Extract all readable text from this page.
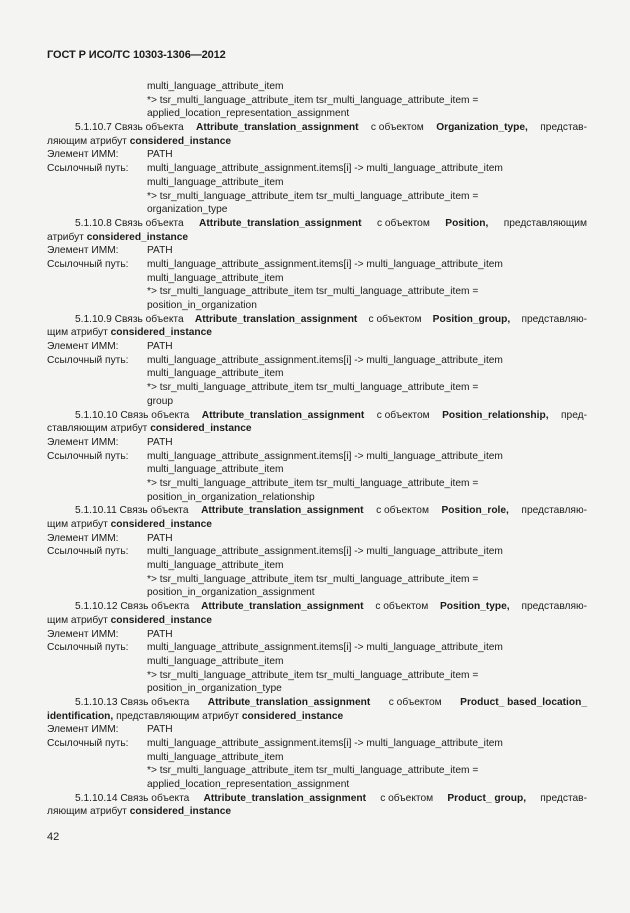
ГОСТ Р ИСО/ТС 10303-1306—2012
multi_language_attribute_item
*> tsr_multi_language_attribute_item tsr_multi_language_attribute_item =
applied_location_representation_assignment
5.1.10.7 Связь объекта Attribute_translation_assignment с объектом Organization_type, представ-
ляющим атрибут considered_instance
Элемент ИММ:	PATH
Ссылочный путь:	multi_language_attribute_assignment.items[i] -> multi_language_attribute_item
multi_language_attribute_item
*> tsr_multi_language_attribute_item tsr_multi_language_attribute_item =
organization_type
5.1.10.8 Связь объекта Attribute_translation_assignment с объектом Position, представляющим
атрибут considered_instance
Элемент ИММ:	PATH
Ссылочный путь:	multi_language_attribute_assignment.items[i] -> multi_language_attribute_item
multi_language_attribute_item
*> tsr_multi_language_attribute_item tsr_multi_language_attribute_item =
position_in_organization
5.1.10.9 Связь объекта Attribute_translation_assignment с объектом Position_group, представляю-
щим атрибут considered_instance
Элемент ИММ:	PATH
Ссылочный путь:	multi_language_attribute_assignment.items[i] -> multi_language_attribute_item
multi_language_attribute_item
*> tsr_multi_language_attribute_item tsr_multi_language_attribute_item =
group
5.1.10.10 Связь объекта Attribute_translation_assignment с объектом Position_relationship, пред-
ставляющим атрибут considered_instance
Элемент ИММ:	PATH
Ссылочный путь:	multi_language_attribute_assignment.items[i] -> multi_language_attribute_item
multi_language_attribute_item
*> tsr_multi_language_attribute_item tsr_multi_language_attribute_item =
position_in_organization_relationship
5.1.10.11 Связь объекта Attribute_translation_assignment с объектом Position_role, представляю-
щим атрибут considered_instance
Элемент ИММ:	PATH
Ссылочный путь:	multi_language_attribute_assignment.items[i] -> multi_language_attribute_item
multi_language_attribute_item
*> tsr_multi_language_attribute_item tsr_multi_language_attribute_item =
position_in_organization_assignment
5.1.10.12 Связь объекта Attribute_translation_assignment с объектом Position_type, представляю-
щим атрибут considered_instance
Элемент ИММ:	PATH
Ссылочный путь:	multi_language_attribute_assignment.items[i] -> multi_language_attribute_item
multi_language_attribute_item
*> tsr_multi_language_attribute_item tsr_multi_language_attribute_item =
position_in_organization_type
5.1.10.13 Связь объекта Attribute_translation_assignment с объектом Product_ based_location_
identification, представляющим атрибут considered_instance
Элемент ИММ:	PATH
Ссылочный путь:	multi_language_attribute_assignment.items[i] -> multi_language_attribute_item
multi_language_attribute_item
*> tsr_multi_language_attribute_item tsr_multi_language_attribute_item =
applied_location_representation_assignment
5.1.10.14 Связь объекта Attribute_translation_assignment с объектом Product_ group, представ-
ляющим атрибут considered_instance
42
